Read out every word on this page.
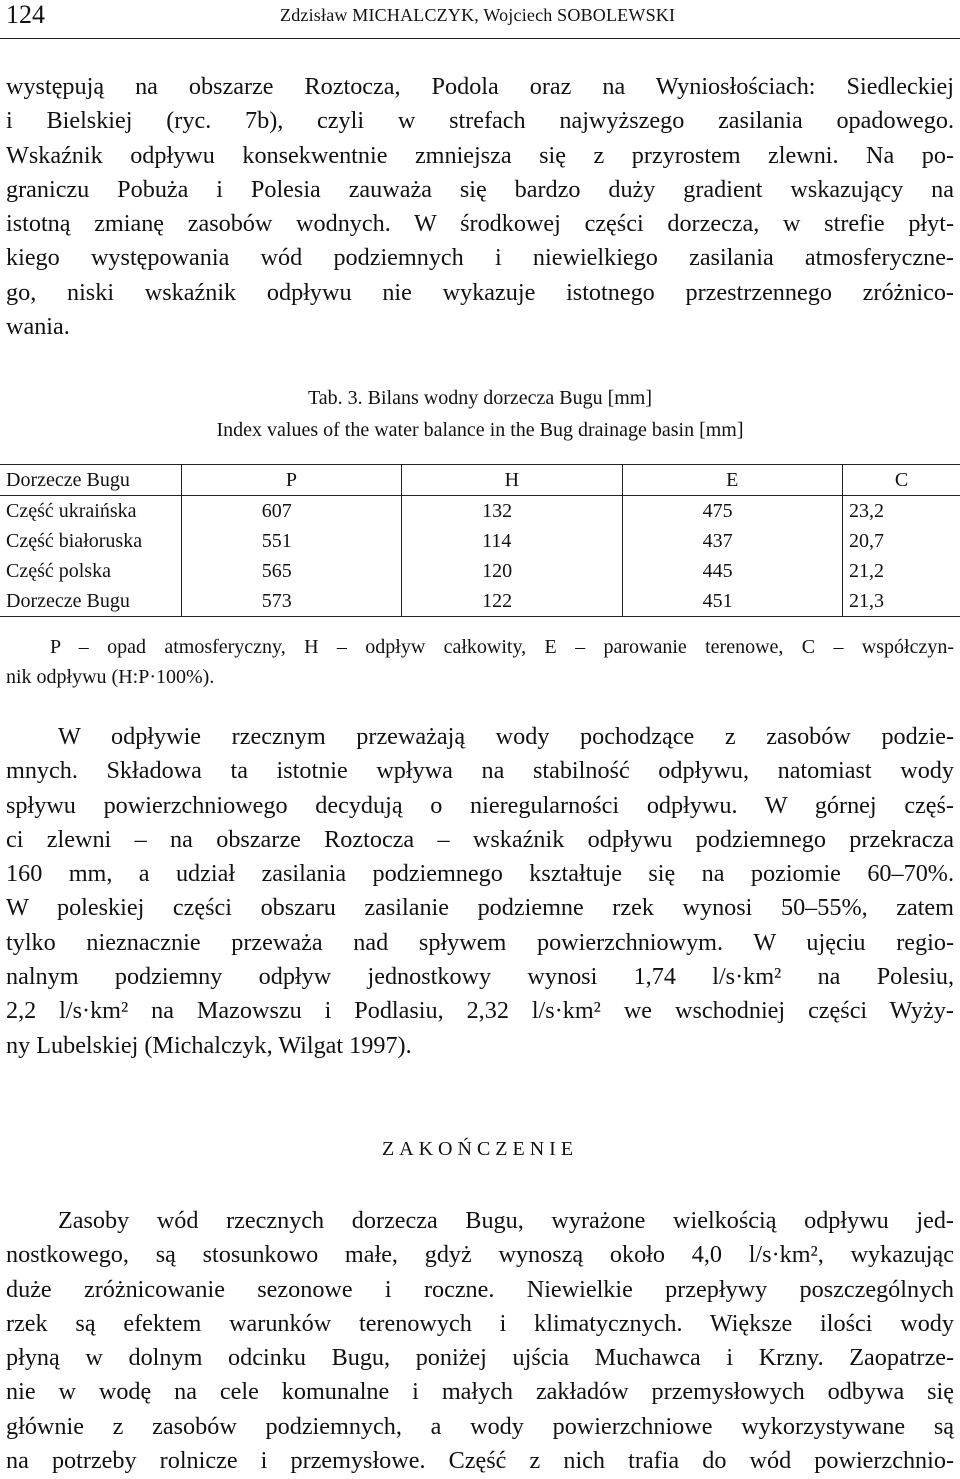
124	Zdzisław MICHALCZYK, Wojciech SOBOLEWSKI
występują na obszarze Roztocza, Podola oraz na Wyniosłościach: Siedleckiej
i Bielskiej (ryc. 7b), czyli w strefach najwyższego zasilania opadowego.
Wskaźnik odpływu konsekwentnie zmniejsza się z przyrostem zlewni. Na po-
graniczu Pobuża i Polesia zauważa się bardzo duży gradient wskazujący na
istotną zmianę zasobów wodnych. W środkowej części dorzecza, w strefie płyt-
kiego występowania wód podziemnych i niewielkiego zasilania atmosferyczne-
go, niski wskaźnik odpływu nie wykazuje istotnego przestrzennego zróżnico-
wania.
Tab. 3. Bilans wodny dorzecza Bugu [mm]
Index values of the water balance in the Bug drainage basin [mm]
Dorzecze Bugu	P	H	E	C
Część ukraińska	607	132	475	23,2
Część białoruska	551	114	437	20,7
Część polska	565	120	445	21,2
Dorzecze Bugu	573	122	451	21,3
P – opad atmosferyczny, H – odpływ całkowity, E – parowanie terenowe, C – współczyn-
nik odpływu (H:P·100%).
W odpływie rzecznym przeważają wody pochodzące z zasobów podzie-
mnych. Składowa ta istotnie wpływa na stabilność odpływu, natomiast wody
spływu powierzchniowego decydują o nieregularności odpływu. W górnej częś-
ci zlewni – na obszarze Roztocza – wskaźnik odpływu podziemnego przekracza
160 mm, a udział zasilania podziemnego kształtuje się na poziomie 60–70%.
W poleskiej części obszaru zasilanie podziemne rzek wynosi 50–55%, zatem
tylko nieznacznie przeważa nad spływem powierzchniowym. W ujęciu regio-
nalnym podziemny odpływ jednostkowy wynosi 1,74 l/s·km² na Polesiu,
2,2 l/s·km² na Mazowszu i Podlasiu, 2,32 l/s·km² we wschodniej części Wyży-
ny Lubelskiej (Michalczyk, Wilgat 1997).
ZAKOŃCZENIE
Zasoby wód rzecznych dorzecza Bugu, wyrażone wielkością odpływu jed-
nostkowego, są stosunkowo małe, gdyż wynoszą około 4,0 l/s·km², wykazując
duże zróżnicowanie sezonowe i roczne. Niewielkie przepływy poszczególnych
rzek są efektem warunków terenowych i klimatycznych. Większe ilości wody
płyną w dolnym odcinku Bugu, poniżej ujścia Muchawca i Krzny. Zaopatrze-
nie w wodę na cele komunalne i małych zakładów przemysłowych odbywa się
głównie z zasobów podziemnych, a wody powierzchniowe wykorzystywane są
na potrzeby rolnicze i przemysłowe. Część z nich trafia do wód powierzchnio-
